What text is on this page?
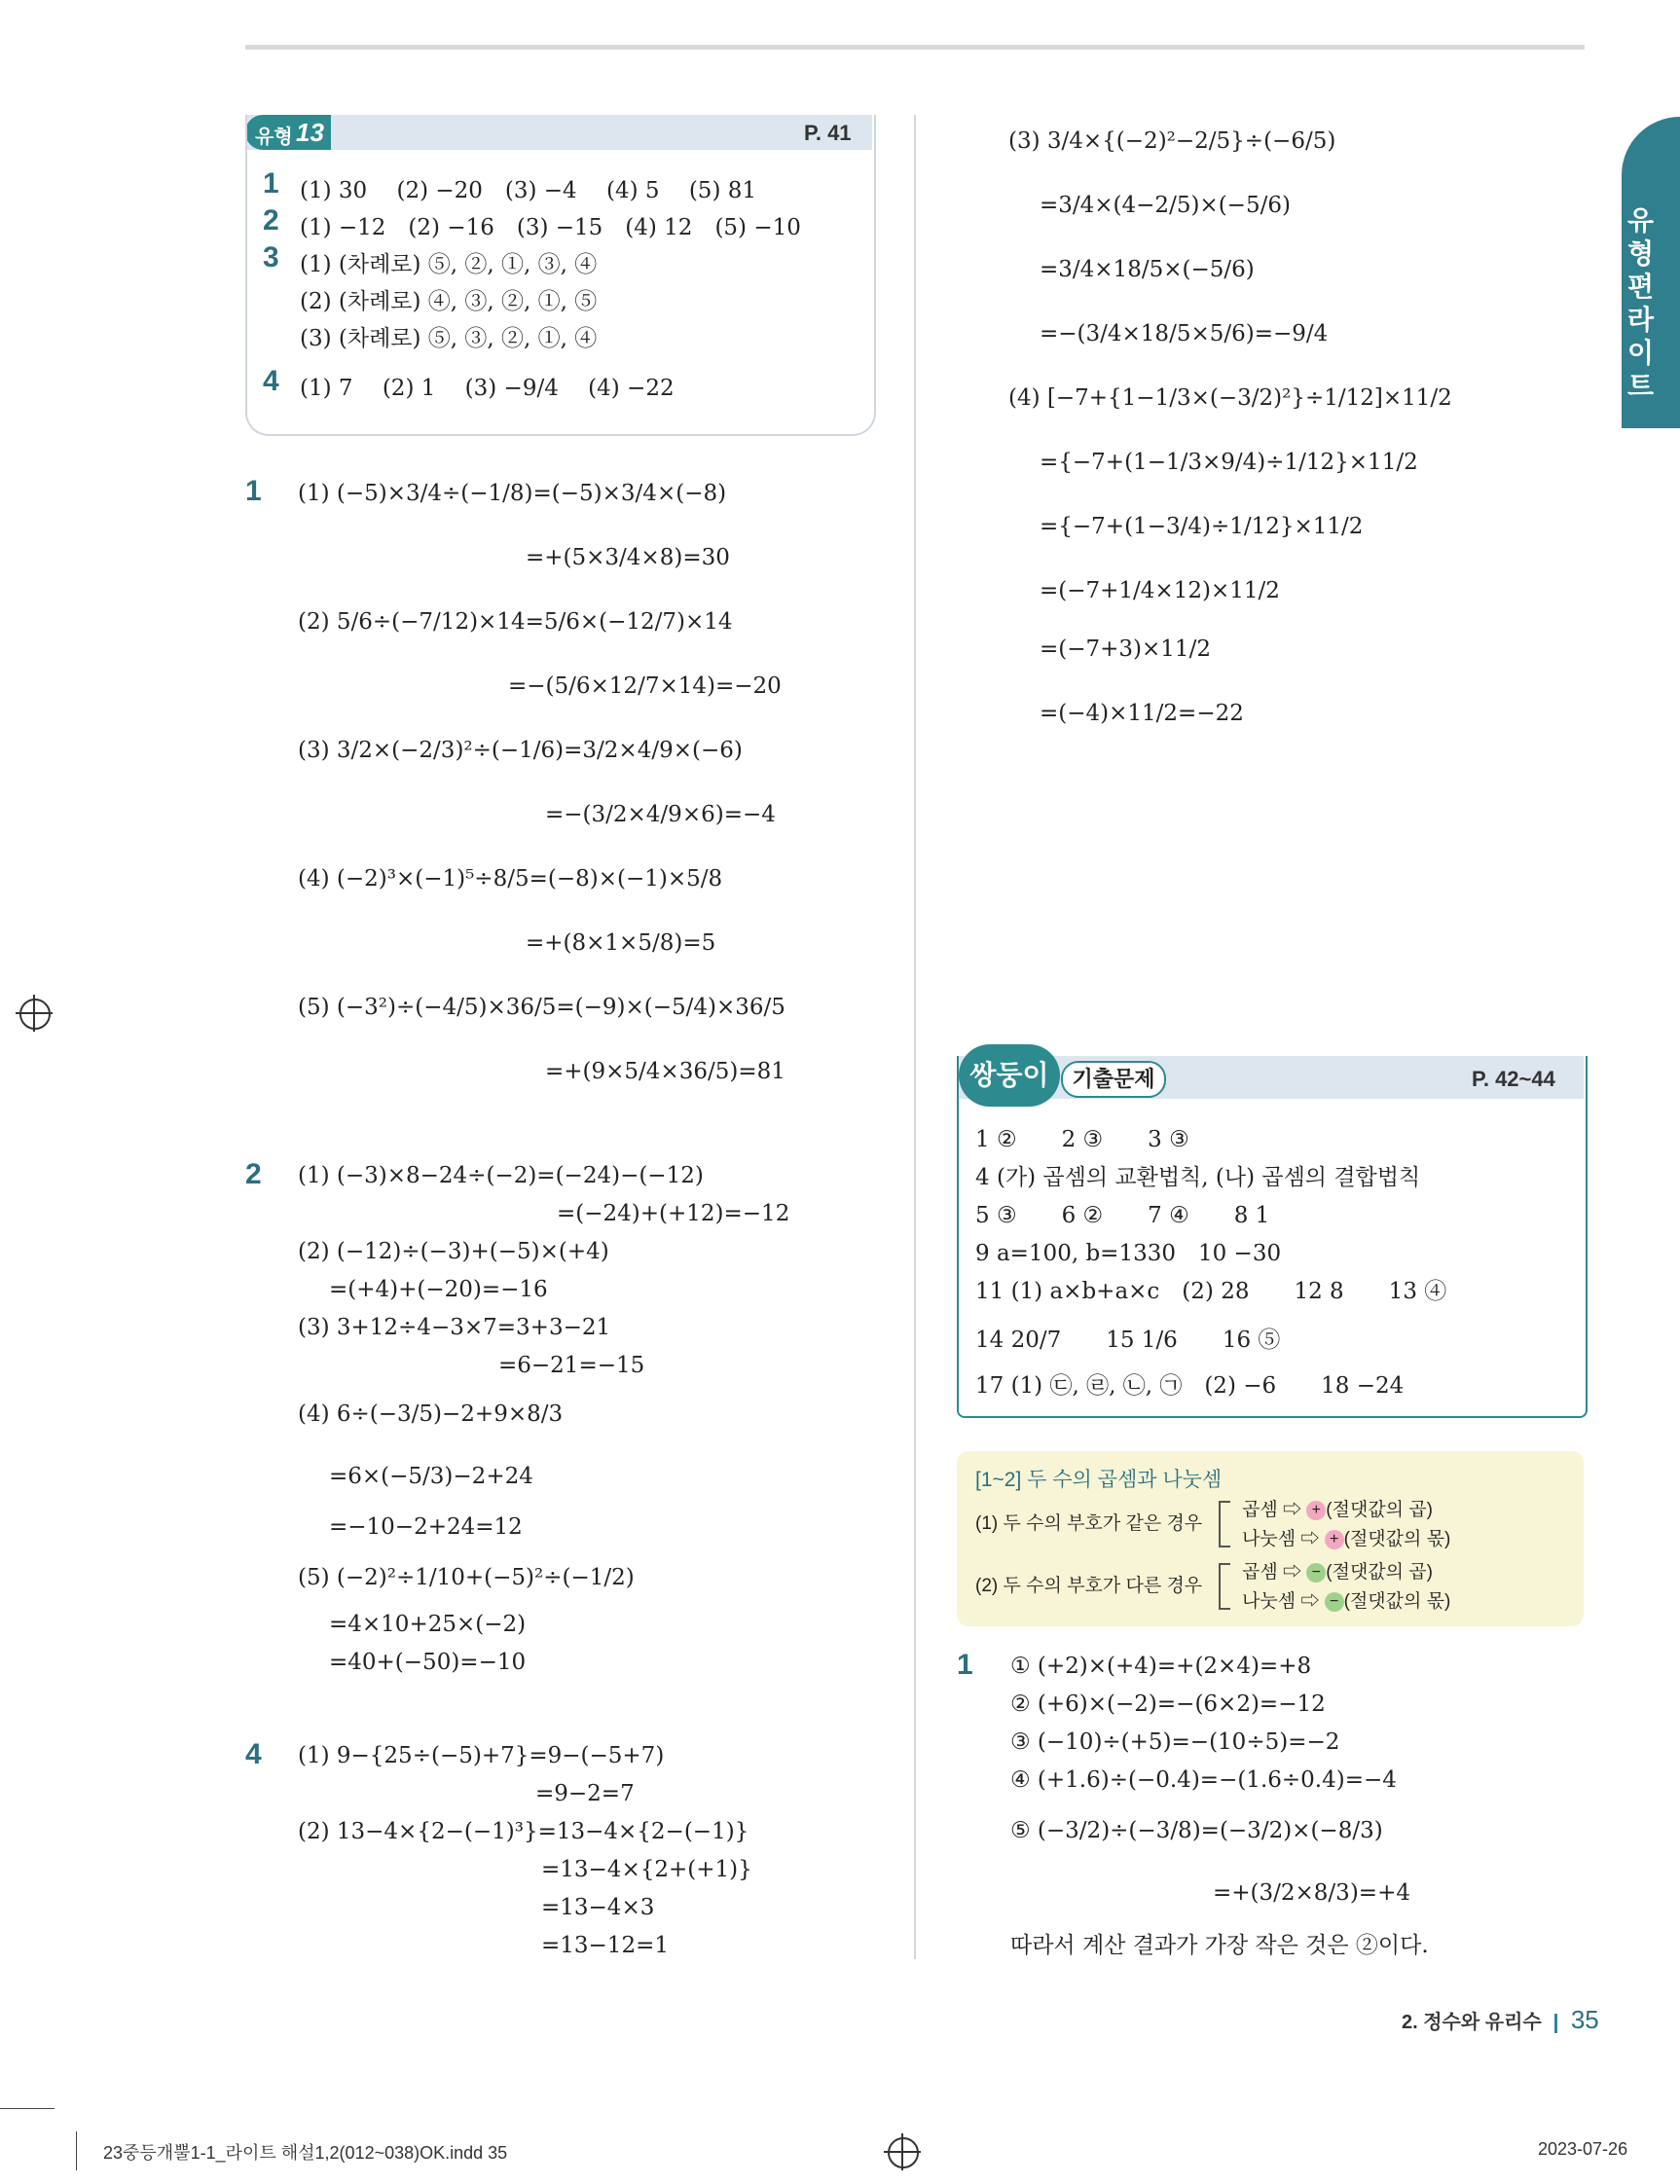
유형편 라이트
유형 13	P. 41
1 (1) 30　 (2) −20　(3) −4　 (4) 5　 (5) 81
2 (1) −12　(2) −16　(3) −15　(4) 12　(5) −10
3 (1) (차례로) ⑤, ②, ①, ③, ④
(2) (차례로) ④, ③, ②, ①, ⑤
(3) (차례로) ⑤, ③, ②, ①, ④
4 (1) 7　 (2) 1　 (3) −9/4　 (4) −22
1 (1) (−5)×3/4÷(−1/8)=(−5)×3/4×(−8)
=+(5×3/4×8)=30
(2) 5/6÷(−7/12)×14=5/6×(−12/7)×14
=−(5/6×12/7×14)=−20
(3) 3/2×(−2/3)²÷(−1/6)=3/2×4/9×(−6)
=−(3/2×4/9×6)=−4
(4) (−2)³×(−1)⁵÷8/5=(−8)×(−1)×5/8
=+(8×1×5/8)=5
(5) (−3²)÷(−4/5)×36/5=(−9)×(−5/4)×36/5
=+(9×5/4×36/5)=81
2 (1) (−3)×8−24÷(−2)=(−24)−(−12)
=(−24)+(+12)=−12
(2) (−12)÷(−3)+(−5)×(+4)
=(+4)+(−20)=−16
(3) 3+12÷4−3×7=3+3−21
=6−21=−15
(4) 6÷(−3/5)−2+9×8/3
=6×(−5/3)−2+24
=−10−2+24=12
(5) (−2)²÷1/10+(−5)²÷(−1/2)
=4×10+25×(−2)
=40+(−50)=−10
4 (1) 9−{25÷(−5)+7}=9−(−5+7)
=9−2=7
(2) 13−4×{2−(−1)³}=13−4×{2−(−1)}
=13−4×{2+(+1)}
=13−4×3
=13−12=1
(3) 3/4×{(−2)²−2/5}÷(−6/5)
=3/4×(4−2/5)×(−5/6)
=3/4×18/5×(−5/6)
=−(3/4×18/5×5/6)=−9/4
(4) [−7+{1−1/3×(−3/2)²}÷1/12]×11/2
={−7+(1−1/3×9/4)÷1/12}×11/2
={−7+(1−3/4)÷1/12}×11/2
=(−7+1/4×12)×11/2
=(−7+3)×11/2
=(−4)×11/2=−22
쌍둥이	기출문제	P. 42~44
1 ②　　2 ③　　3 ③
4 (가) 곱셈의 교환법칙, (나) 곱셈의 결합법칙
5 ③　　6 ②　　7 ④　　8 1
9 a=100, b=1330　10 −30
11 (1) a×b+a×c　(2) 28　　12 8　　13 ④
14 20/7　　15 1/6　　16 ⑤
17 (1) ㉢, ㉣, ㉡, ㉠　(2) −6　　18 −24
[1~2] 두 수의 곱셈과 나눗셈
(1) 두 수의 부호가 같은 경우
(2) 두 수의 부호가 다른 경우
곱셈 ⇨ + (절댓값의 곱)
나눗셈 ⇨ + (절댓값의 몫)
곱셈 ⇨ − (절댓값의 곱)
나눗셈 ⇨ − (절댓값의 몫)
1 ① (+2)×(+4)=+(2×4)=+8
② (+6)×(−2)=−(6×2)=−12
③ (−10)÷(+5)=−(10÷5)=−2
④ (+1.6)÷(−0.4)=−(1.6÷0.4)=−4
⑤ (−3/2)÷(−3/8)=(−3/2)×(−8/3)
=+(3/2×8/3)=+4
따라서 계산 결과가 가장 작은 것은 ②이다.
2. 정수와 유리수 35
23중등개뿔1-1_라이트 해설1,2(012~038)OK.indd 35	2023-07-26
